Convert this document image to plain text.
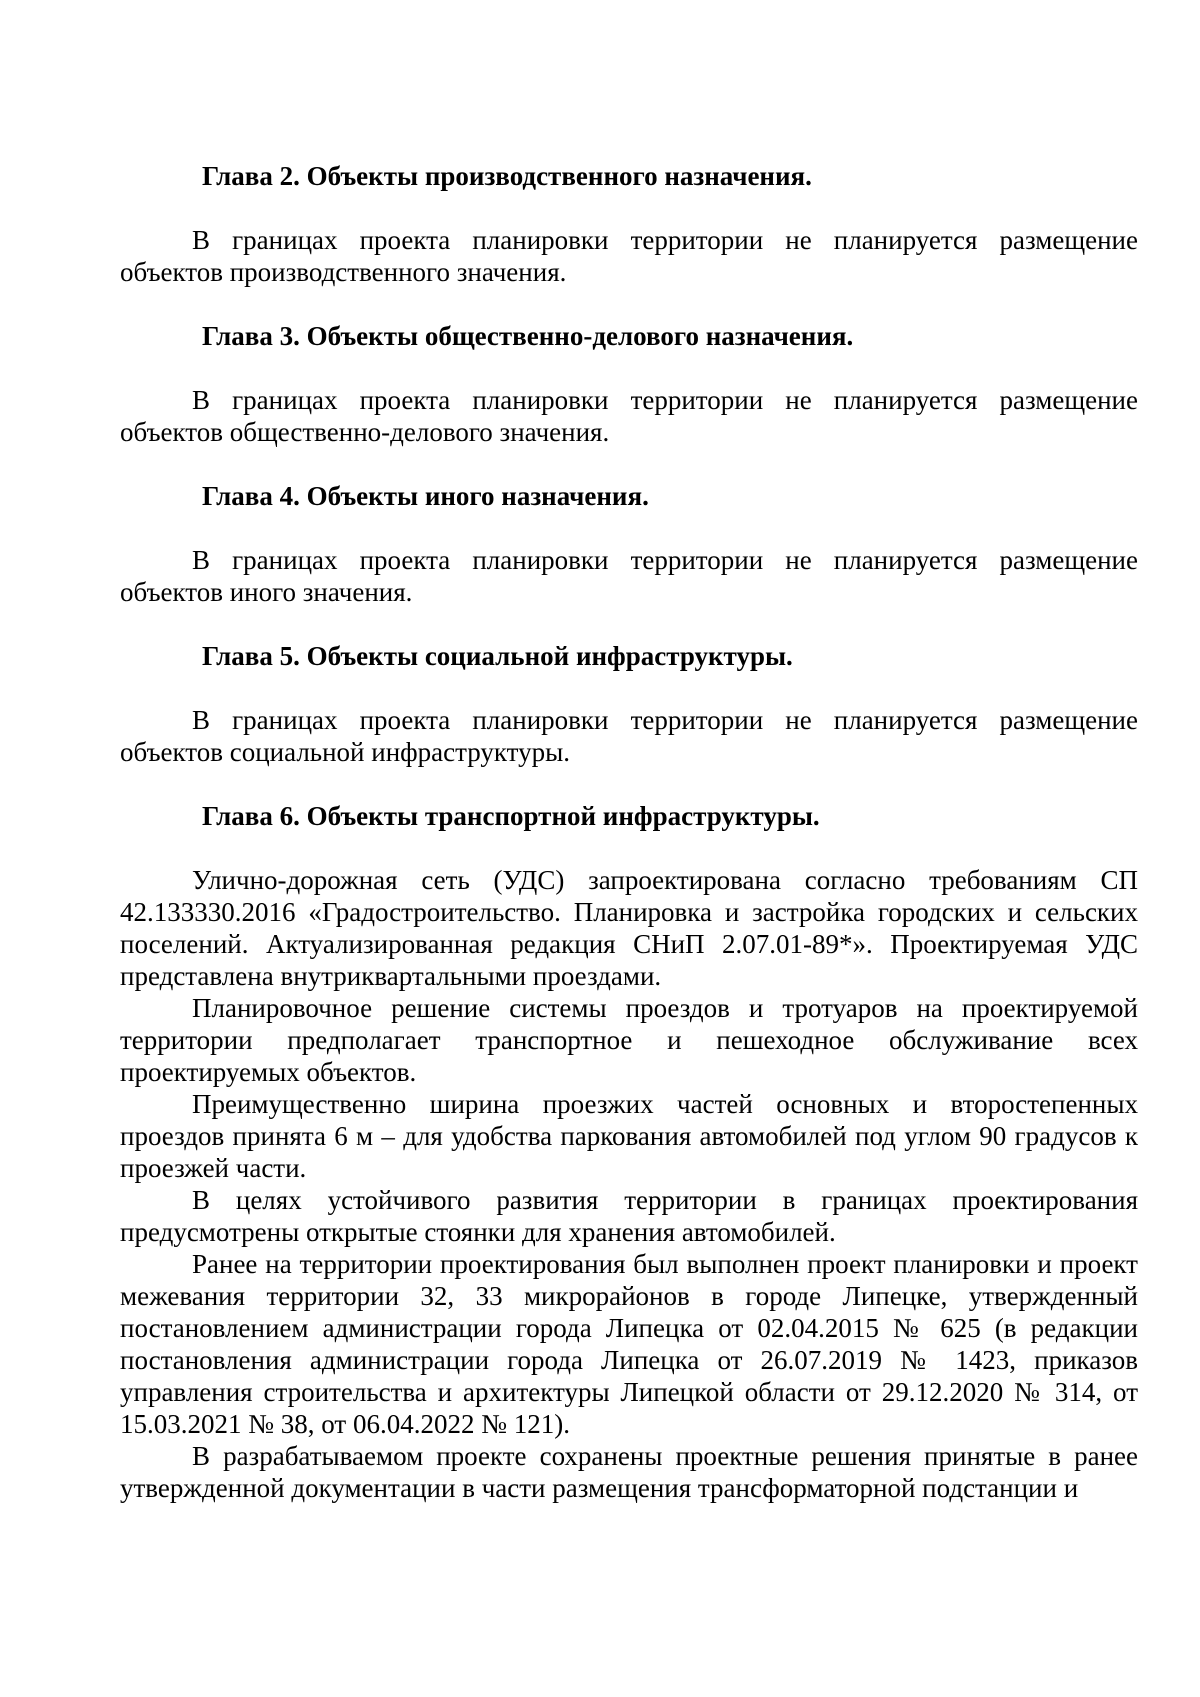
Глава 2. Объекты производственного назначения.

В границах проекта планировки территории не планируется размещение объектов производственного значения.

Глава 3. Объекты общественно-делового назначения.

В границах проекта планировки территории не планируется размещение объектов общественно-делового значения.

Глава 4. Объекты иного назначения.

В границах проекта планировки территории не планируется размещение объектов иного значения.

Глава 5. Объекты социальной инфраструктуры.

В границах проекта планировки территории не планируется размещение объектов социальной инфраструктуры.

Глава 6. Объекты транспортной инфраструктуры.

Улично-дорожная сеть (УДС) запроектирована согласно требованиям СП 42.133330.2016 «Градостроительство. Планировка и застройка городских и сельских поселений. Актуализированная редакция СНиП 2.07.01-89*». Проектируемая УДС представлена внутриквартальными проездами.

Планировочное решение системы проездов и тротуаров на проектируемой территории предполагает транспортное и пешеходное обслуживание всех проектируемых объектов.

Преимущественно ширина проезжих частей основных и второстепенных проездов принята 6 м – для удобства паркования автомобилей под углом 90 градусов к проезжей части.

В целях устойчивого развития территории в границах проектирования предусмотрены открытые стоянки для хранения автомобилей.

Ранее на территории проектирования был выполнен проект планировки и проект межевания территории 32, 33 микрорайонов в городе Липецке, утвержденный постановлением администрации города Липецка от 02.04.2015 № 625 (в редакции постановления администрации города Липецка от 26.07.2019 № 1423, приказов управления строительства и архитектуры Липецкой области от 29.12.2020 № 314, от 15.03.2021 № 38, от 06.04.2022 № 121).

В разрабатываемом проекте сохранены проектные решения принятые в ранее утвержденной документации в части размещения трансформаторной подстанции и
